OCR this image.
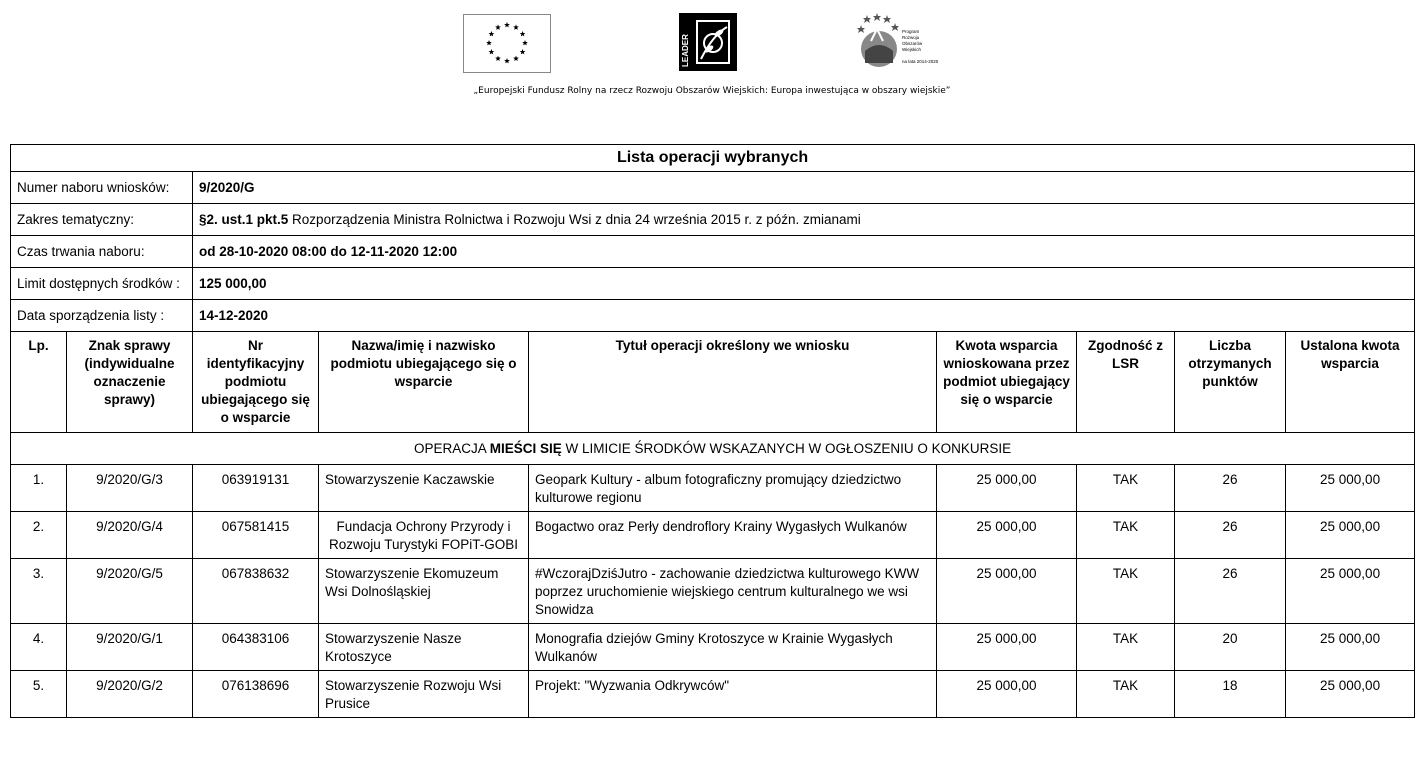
LEADER
Program
Rozwoju
Obszarów
Wiejskich
na lata 2014-2020
„Europejski Fundusz Rolny na rzecz Rozwoju Obszarów Wiejskich: Europa inwestująca w obszary wiejskie”
Lista operacji wybranych								
Numer naboru wniosków:		9/2020/G						
Zakres tematyczny:		§2. ust.1 pkt.5 Rozporządzenia Ministra Rolnictwa i Rozwoju Wsi z dnia 24 września 2015 r. z późn. zmianami						
Czas trwania naboru:		od 28-10-2020 08:00 do 12-11-2020 12:00						
Limit dostępnych środków :		125 000,00						
Data sporządzenia listy :		14-12-2020						
Lp.	Znak sprawy (indywidualne oznaczenie sprawy)	Nr identyfikacyjny podmiotu ubiegającego się o wsparcie	Nazwa/imię i nazwisko podmiotu ubiegającego się o wsparcie	Tytuł operacji określony we wniosku	Kwota wsparcia wnioskowana przez podmiot ubiegający się o wsparcie	Zgodność z LSR	Liczba otrzymanych punktów	Ustalona kwota wsparcia
OPERACJA MIEŚCI SIĘ W LIMICIE ŚRODKÓW WSKAZANYCH W OGŁOSZENIU O KONKURSIE								
1.	9/2020/G/3	063919131	Stowarzyszenie Kaczawskie	Geopark Kultury - album fotograficzny promujący dziedzictwo kulturowe regionu	25 000,00	TAK	26	25 000,00
2.	9/2020/G/4	067581415	Fundacja Ochrony Przyrody i Rozwoju Turystyki FOPiT-GOBI	Bogactwo oraz Perły dendroflory Krainy Wygasłych Wulkanów	25 000,00	TAK	26	25 000,00
3.	9/2020/G/5	067838632	Stowarzyszenie Ekomuzeum Wsi Dolnośląskiej	#WczorajDziśJutro - zachowanie dziedzictwa kulturowego KWW poprzez uruchomienie wiejskiego centrum kulturalnego we wsi Snowidza	25 000,00	TAK	26	25 000,00
4.	9/2020/G/1	064383106	Stowarzyszenie Nasze Krotoszyce	Monografia dziejów Gminy Krotoszyce w Krainie Wygasłych Wulkanów	25 000,00	TAK	20	25 000,00
5.	9/2020/G/2	076138696	Stowarzyszenie Rozwoju Wsi Prusice	Projekt: "Wyzwania Odkrywców"	25 000,00	TAK	18	25 000,00
